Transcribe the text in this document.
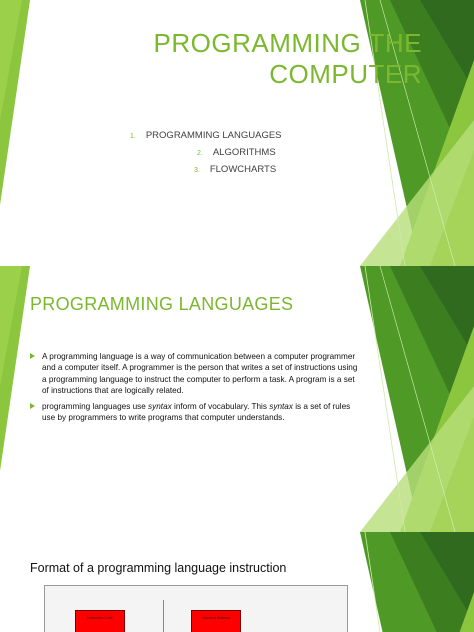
PROGRAMMING THE
COMPUTER
1. PROGRAMMING LANGUAGES
2. ALGORITHMS
3. FLOWCHARTS
PROGRAMMING LANGUAGES
A programming language is a way of communication between a computer programmer and a computer itself. A programmer is the person that writes a set of instructions using a programming language to instruct the computer to perform a task. A program is a set of instructions that are logically related.
programming languages use syntax inform of vocabulary. This syntax is a set of rules use by programmers to write programs that computer understands.
Format of a programming language instruction
Instruction Code	Operand Address
